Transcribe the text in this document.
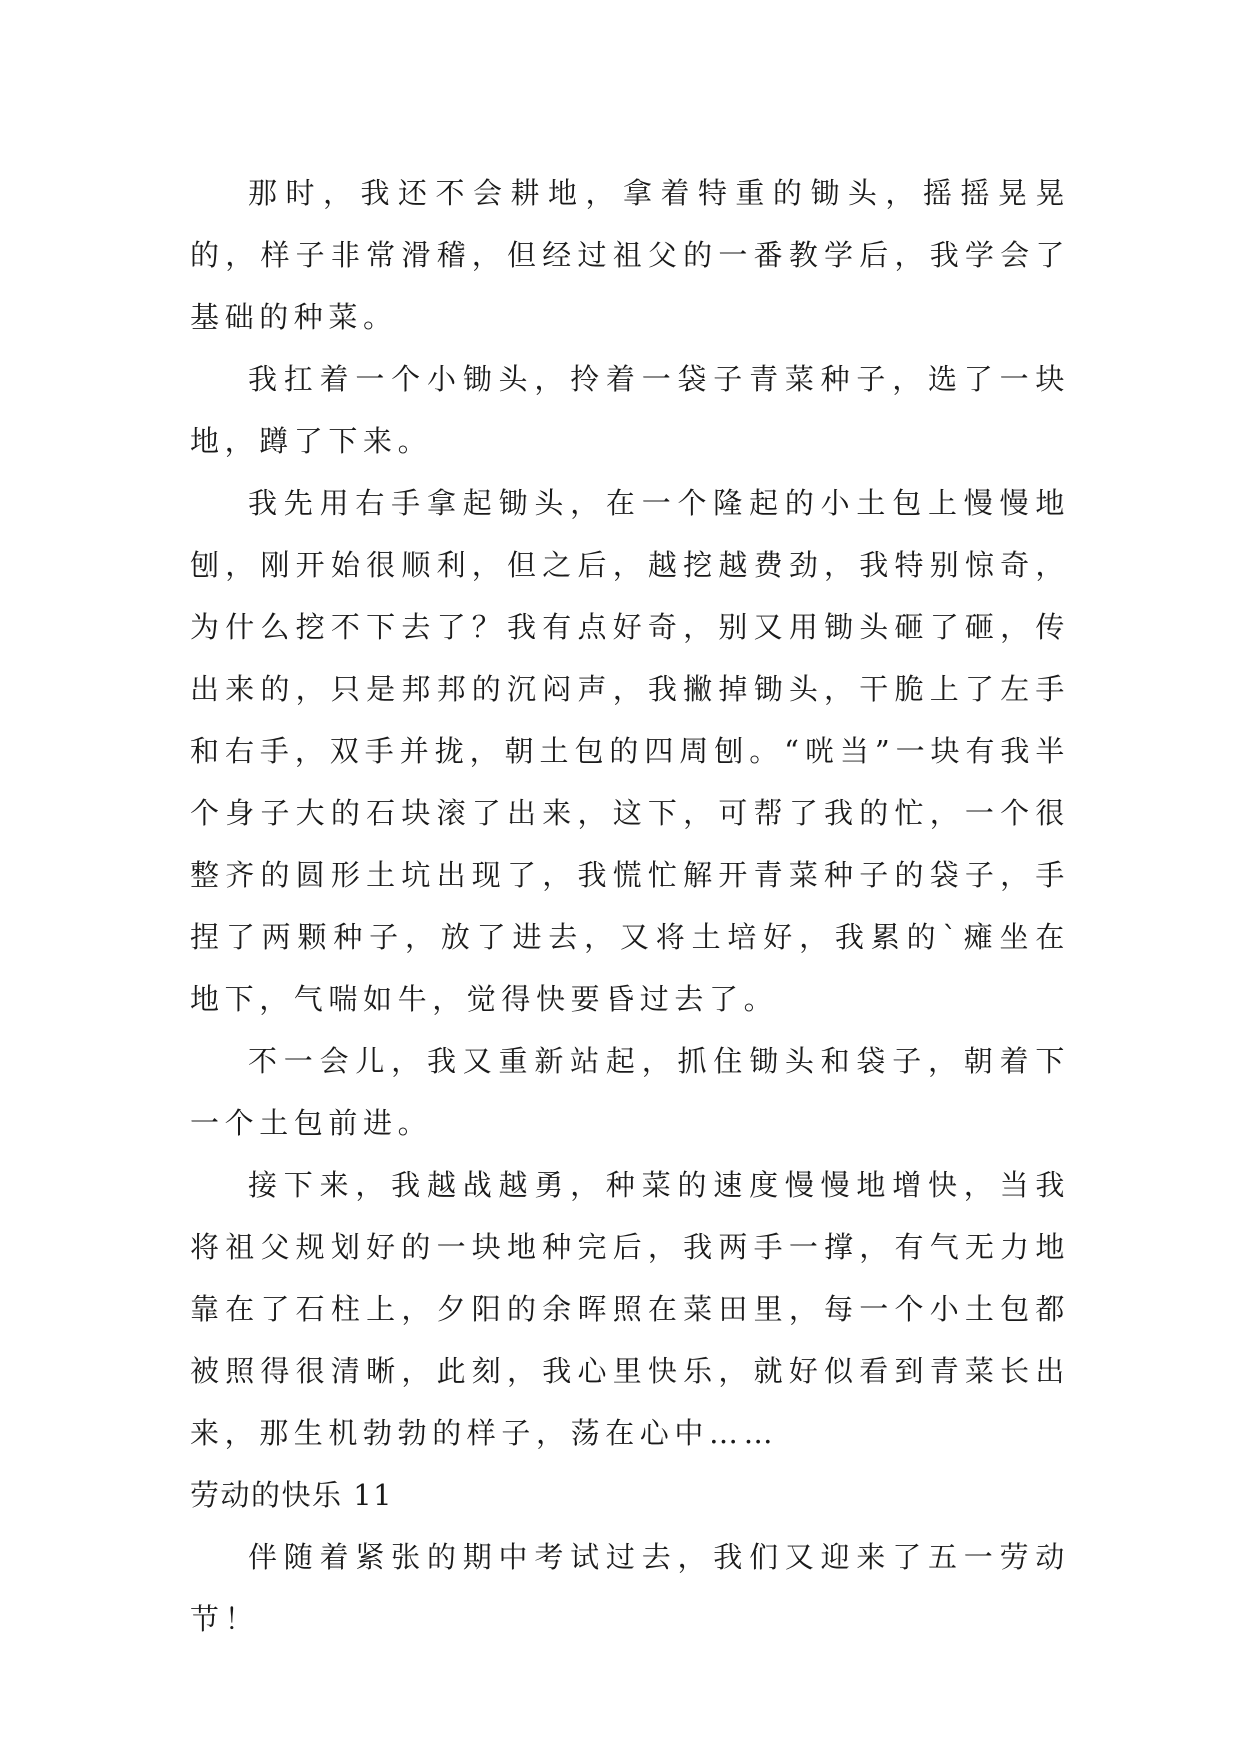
那时，我还不会耕地，拿着特重的锄头，摇摇晃晃的，样子非常滑稽，但经过祖父的一番教学后，我学会了基础的种菜。

我扛着一个小锄头，拎着一袋子青菜种子，选了一块地，蹲了下来。

我先用右手拿起锄头，在一个隆起的小土包上慢慢地刨，刚开始很顺利，但之后，越挖越费劲，我特别惊奇，为什么挖不下去了？我有点好奇，别又用锄头砸了砸，传出来的，只是邦邦的沉闷声，我撇掉锄头，干脆上了左手和右手，双手并拢，朝土包的四周刨。“咣当”一块有我半个身子大的石块滚了出来，这下，可帮了我的忙，一个很整齐的圆形土坑出现了，我慌忙解开青菜种子的袋子，手捏了两颗种子，放了进去，又将土培好，我累的`瘫坐在地下，气喘如牛，觉得快要昏过去了。

不一会儿，我又重新站起，抓住锄头和袋子，朝着下一个土包前进。

接下来，我越战越勇，种菜的速度慢慢地增快，当我将祖父规划好的一块地种完后，我两手一撑，有气无力地靠在了石柱上，夕阳的余晖照在菜田里，每一个小土包都被照得很清晰，此刻，我心里快乐，就好似看到青菜长出来，那生机勃勃的样子，荡在心中……

劳动的快乐 11

伴随着紧张的期中考试过去，我们又迎来了五一劳动节！
